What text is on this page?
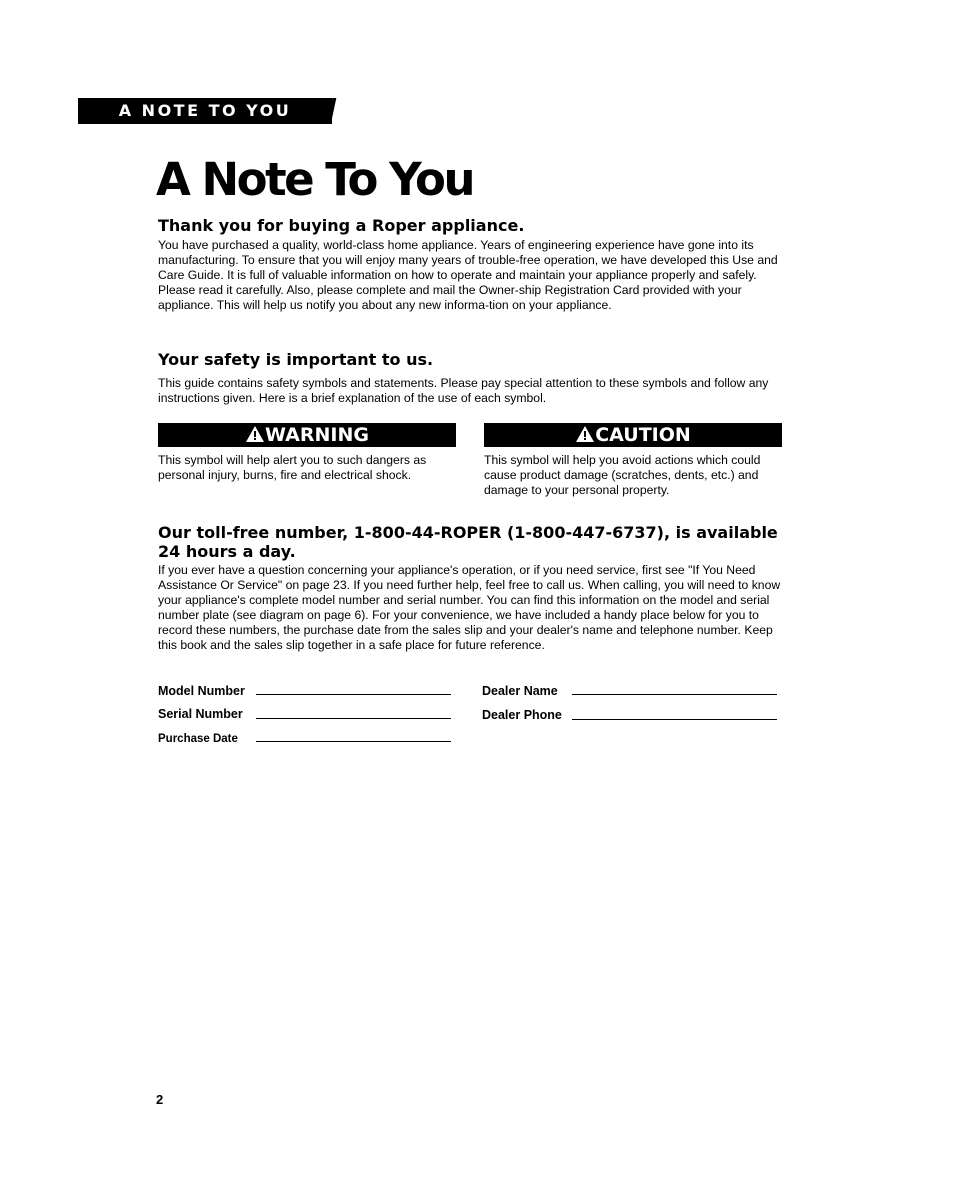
A NOTE TO YOU
A Note To You
Thank you for buying a Roper appliance.

You have purchased a quality, world-class home appliance. Years of engineering experience have gone into its manufacturing. To ensure that you will enjoy many years of trouble-free operation, we have developed this Use and Care Guide. It is full of valuable information on how to operate and maintain your appliance properly and safely. Please read it carefully. Also, please complete and mail the Owner-ship Registration Card provided with your appliance. This will help us notify you about any new informa-tion on your appliance.

Your safety is important to us.

This guide contains safety symbols and statements. Please pay special attention to these symbols and follow any instructions given. Here is a brief explanation of the use of each symbol.

WARNING
This symbol will help alert you to such dangers as personal injury, burns, fire and electrical shock.
CAUTION
This symbol will help you avoid actions which could cause product damage (scratches, dents, etc.) and damage to your personal property.
Our toll-free number, 1-800-44-ROPER (1-800-447-6737), is available 24 hours a day.

If you ever have a question concerning your appliance's operation, or if you need service, first see "If You Need Assistance Or Service" on page 23. If you need further help, feel free to call us. When calling, you will need to know your appliance's complete model number and serial number. You can find this information on the model and serial number plate (see diagram on page 6). For your convenience, we have included a handy place below for you to record these numbers, the purchase date from the sales slip and your dealer's name and telephone number. Keep this book and the sales slip together in a safe place for future reference.

Model Number
Serial Number
Purchase Date
Dealer Name
Dealer Phone
2
